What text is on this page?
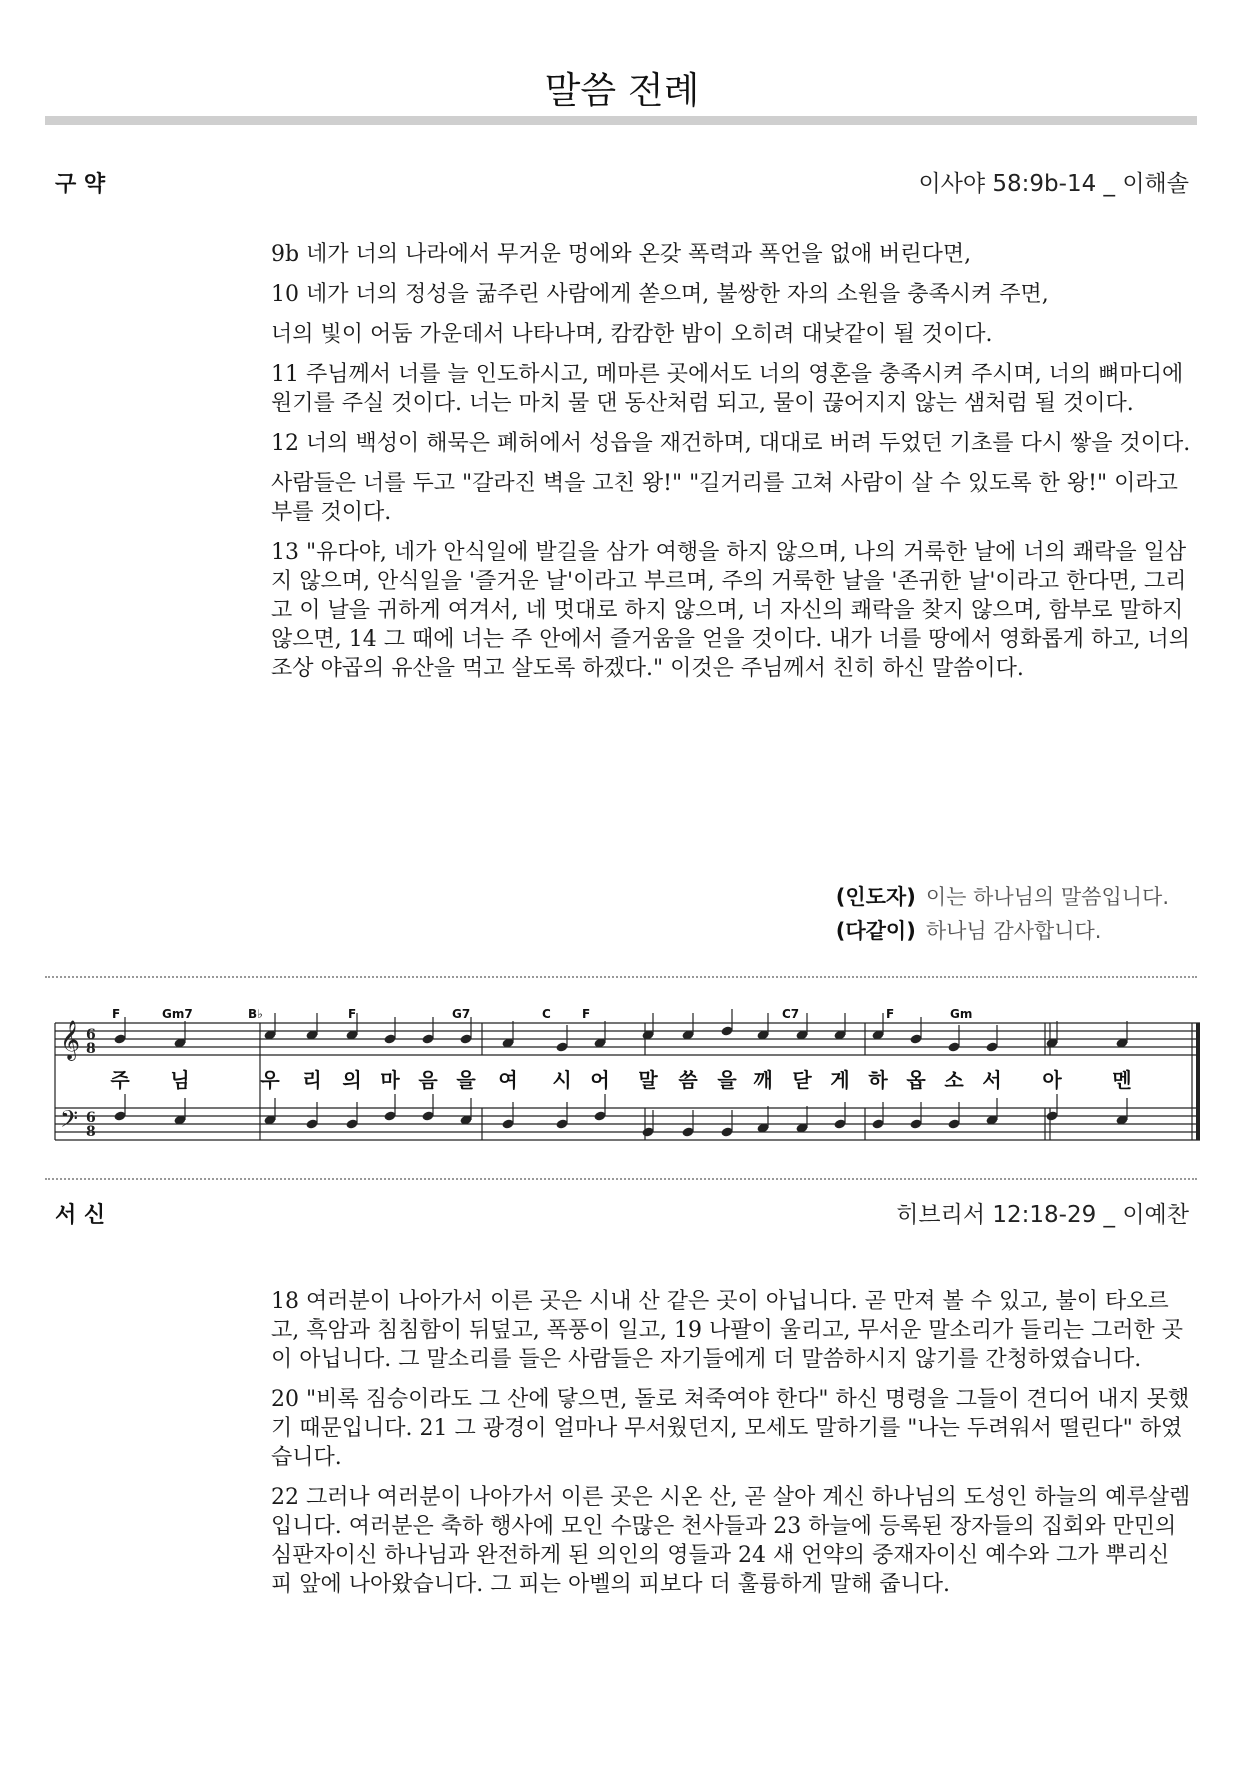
말씀 전례
구 약	이사야 58:9b-14 _ 이해솔

9b 네가 너의 나라에서 무거운 멍에와 온갖 폭력과 폭언을 없애 버린다면,

10 네가 너의 정성을 굶주린 사람에게 쏟으며, 불쌍한 자의 소원을 충족시켜 주면,

너의 빛이 어둠 가운데서 나타나며, 캄캄한 밤이 오히려 대낮같이 될 것이다.

11 주님께서 너를 늘 인도하시고, 메마른 곳에서도 너의 영혼을 충족시켜 주시며, 너의 뼈마디에 원기를 주실 것이다. 너는 마치 물 댄 동산처럼 되고, 물이 끊어지지 않는 샘처럼 될 것이다.

12 너의 백성이 해묵은 폐허에서 성읍을 재건하며, 대대로 버려 두었던 기초를 다시 쌓을 것이다.

사람들은 너를 두고 "갈라진 벽을 고친 왕!" "길거리를 고쳐 사람이 살 수 있도록 한 왕!" 이라고 부를 것이다.

13 "유다야, 네가 안식일에 발길을 삼가 여행을 하지 않으며, 나의 거룩한 날에 너의 쾌락을 일삼지 않으며, 안식일을 '즐거운 날'이라고 부르며, 주의 거룩한 날을 '존귀한 날'이라고 한다면, 그리고 이 날을 귀하게 여겨서, 네 멋대로 하지 않으며, 너 자신의 쾌락을 찾지 않으며, 함부로 말하지 않으면, 14 그 때에 너는 주 안에서 즐거움을 얻을 것이다. 내가 너를 땅에서 영화롭게 하고, 너의 조상 야곱의 유산을 먹고 살도록 하겠다." 이것은 주님께서 친히 하신 말씀이다.

(인도자) 이는 하나님의 말씀입니다.
(다같이) 하나님 감사합니다.
𝄞
𝄢
6
8
6
8
F	Gm7	B♭	F	G7	C	F	C7	F	Gm
주 님	우 리 의 마 음 을 여 시 어 말 씀 을 깨 닫 게 하 옵 소 서 아	멘
서 신	히브리서 12:18-29 _ 이예찬

18 여러분이 나아가서 이른 곳은 시내 산 같은 곳이 아닙니다. 곧 만져 볼 수 있고, 불이 타오르고, 흑암과 침침함이 뒤덮고, 폭풍이 일고, 19 나팔이 울리고, 무서운 말소리가 들리는 그러한 곳이 아닙니다. 그 말소리를 들은 사람들은 자기들에게 더 말씀하시지 않기를 간청하였습니다.

20 "비록 짐승이라도 그 산에 닿으면, 돌로 쳐죽여야 한다" 하신 명령을 그들이 견디어 내지 못했기 때문입니다. 21 그 광경이 얼마나 무서웠던지, 모세도 말하기를 "나는 두려워서 떨린다" 하였습니다.

22 그러나 여러분이 나아가서 이른 곳은 시온 산, 곧 살아 계신 하나님의 도성인 하늘의 예루살렘입니다. 여러분은 축하 행사에 모인 수많은 천사들과 23 하늘에 등록된 장자들의 집회와 만민의 심판자이신 하나님과 완전하게 된 의인의 영들과 24 새 언약의 중재자이신 예수와 그가 뿌리신 피 앞에 나아왔습니다. 그 피는 아벨의 피보다 더 훌륭하게 말해 줍니다.
